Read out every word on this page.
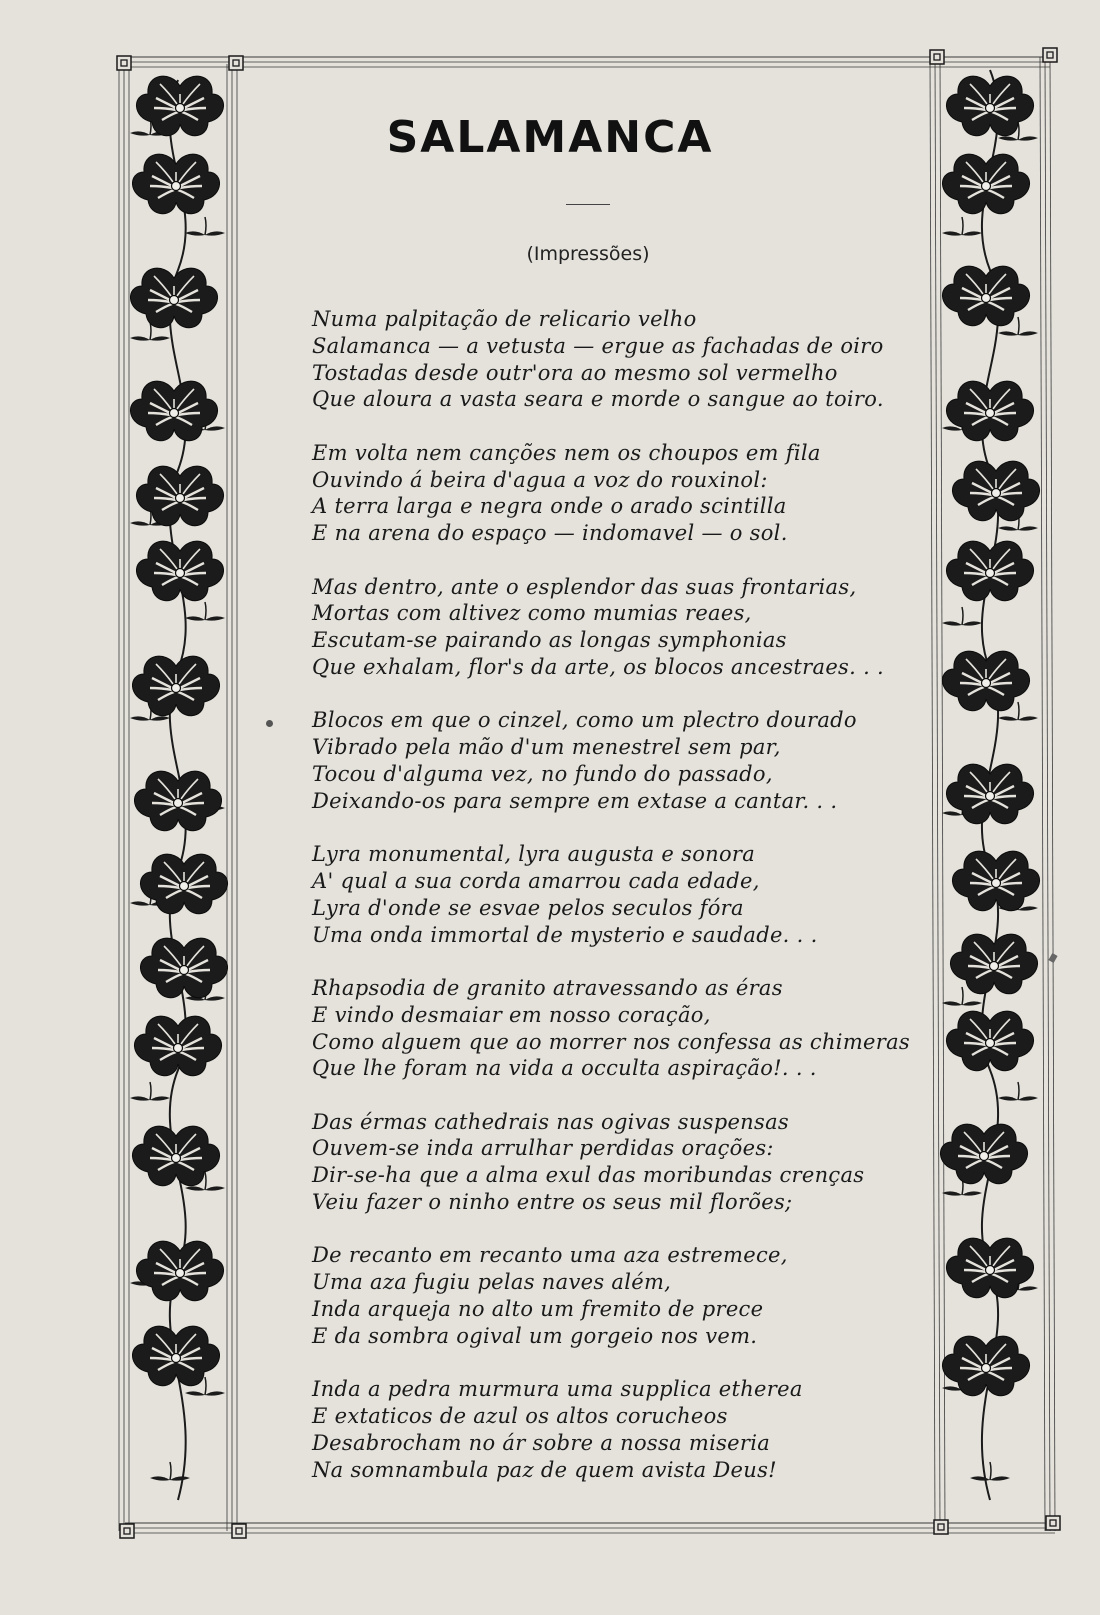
SALAMANCA
(Impressões)
Numa palpitação de relicario velho
Salamanca — a vetusta — ergue as fachadas de oiro
Tostadas desde outr'ora ao mesmo sol vermelho
Que aloura a vasta seara e morde o sangue ao toiro.
Em volta nem canções nem os choupos em fila
Ouvindo á beira d'agua a voz do rouxinol:
A terra larga e negra onde o arado scintilla
E na arena do espaço — indomavel — o sol.
Mas dentro, ante o esplendor das suas frontarias,
Mortas com altivez como mumias reaes,
Escutam-se pairando as longas symphonias
Que exhalam, flor's da arte, os blocos ancestraes. . .
Blocos em que o cinzel, como um plectro dourado
Vibrado pela mão d'um menestrel sem par,
Tocou d'alguma vez, no fundo do passado,
Deixando-os para sempre em extase a cantar. . .
Lyra monumental, lyra augusta e sonora
A' qual a sua corda amarrou cada edade,
Lyra d'onde se esvae pelos seculos fóra
Uma onda immortal de mysterio e saudade. . .
Rhapsodia de granito atravessando as éras
E vindo desmaiar em nosso coração,
Como alguem que ao morrer nos confessa as chimeras
Que lhe foram na vida a occulta aspiração!. . .
Das érmas cathedrais nas ogivas suspensas
Ouvem-se inda arrulhar perdidas orações:
Dir-se-ha que a alma exul das moribundas crenças
Veiu fazer o ninho entre os seus mil florões;
De recanto em recanto uma aza estremece,
Uma aza fugiu pelas naves além,
Inda arqueja no alto um fremito de prece
E da sombra ogival um gorgeio nos vem.
Inda a pedra murmura uma supplica etherea
E extaticos de azul os altos corucheos
Desabrocham no ár sobre a nossa miseria
Na somnambula paz de quem avista Deus!
